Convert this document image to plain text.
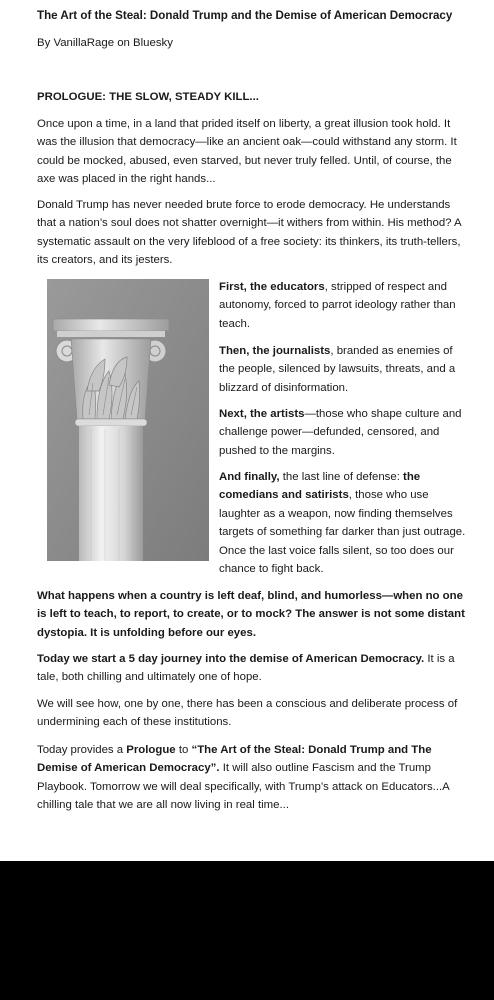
The Art of the Steal: Donald Trump and the Demise of American Democracy

By VanillaRage on Bluesky

PROLOGUE: THE SLOW, STEADY KILL...

Once upon a time, in a land that prided itself on liberty, a great illusion took hold. It was the illusion that democracy—like an ancient oak—could withstand any storm. It could be mocked, abused, even starved, but never truly felled. Until, of course, the axe was placed in the right hands...

Donald Trump has never needed brute force to erode democracy. He understands that a nation’s soul does not shatter overnight—it withers from within. His method? A systematic assault on the very lifeblood of a free society: its thinkers, its truth-tellers, its creators, and its jesters.

First, the educators, stripped of respect and autonomy, forced to parrot ideology rather than teach.

Then, the journalists, branded as enemies of the people, silenced by lawsuits, threats, and a blizzard of disinformation.

Next, the artists—those who shape culture and challenge power—defunded, censored, and pushed to the margins.

And finally, the last line of defense: the comedians and satirists, those who use laughter as a weapon, now finding themselves targets of something far darker than just outrage. Once the last voice falls silent, so too does our chance to fight back.

What happens when a country is left deaf, blind, and humorless—when no one is left to teach, to report, to create, or to mock? The answer is not some distant dystopia. It is unfolding before our eyes.

Today we start a 5 day journey into the demise of American Democracy. It is a tale, both chilling and ultimately one of hope.

We will see how, one by one, there has been a conscious and deliberate process of undermining each of these institutions.

Today provides a Prologue to “The Art of the Steal: Donald Trump and The Demise of American Democracy”. It will also outline Fascism and the Trump Playbook. Tomorrow we will deal specifically, with Trump’s attack on Educators...A chilling tale that we are all now living in real time...
